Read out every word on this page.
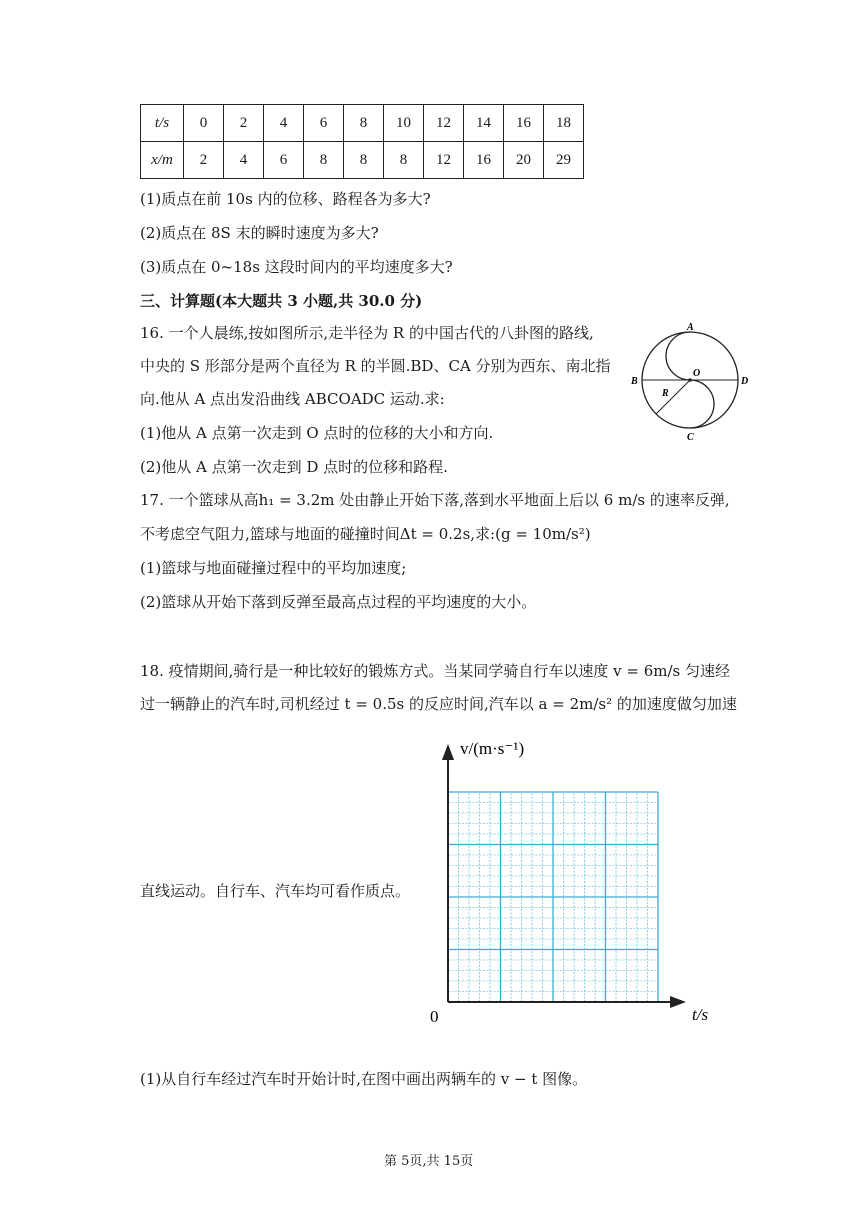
t/s	0	2	4	6	8	10	12	14	16	18
x/m	2	4	6	8	8	8	12	16	20	29
(1)质点在前 10s 内的位移、路程各为多大?
(2)质点在 8S 末的瞬时速度为多大?
(3)质点在 0~18s 这段时间内的平均速度多大?
三、计算题(本大题共 3 小题,共 30.0 分)
16. 一个人晨练,按如图所示,走半径为 R 的中国古代的八卦图的路线,
中央的 S 形部分是两个直径为 R 的半圆.BD、CA 分别为西东、南北指
向.他从 A 点出发沿曲线 ABCOADC 运动.求:
(1)他从 A 点第一次走到 O 点时的位移的大小和方向.
(2)他从 A 点第一次走到 D 点时的位移和路程.
A
B
C
D
O
R
17. 一个篮球从高h₁ = 3.2m 处由静止开始下落,落到水平地面上后以 6 m/s 的速率反弹,
不考虑空气阻力,篮球与地面的碰撞时间Δt = 0.2s,求:(g = 10m/s²)
(1)篮球与地面碰撞过程中的平均加速度;
(2)篮球从开始下落到反弹至最高点过程的平均速度的大小。
18. 疫情期间,骑行是一种比较好的锻炼方式。当某同学骑自行车以速度 v = 6m/s 匀速经
过一辆静止的汽车时,司机经过 t = 0.5s 的反应时间,汽车以 a = 2m/s² 的加速度做匀加速
直线运动。自行车、汽车均可看作质点。
v/(m·s⁻¹)
t/s
0
(1)从自行车经过汽车时开始计时,在图中画出两辆车的 v − t 图像。
第 5页,共 15页
